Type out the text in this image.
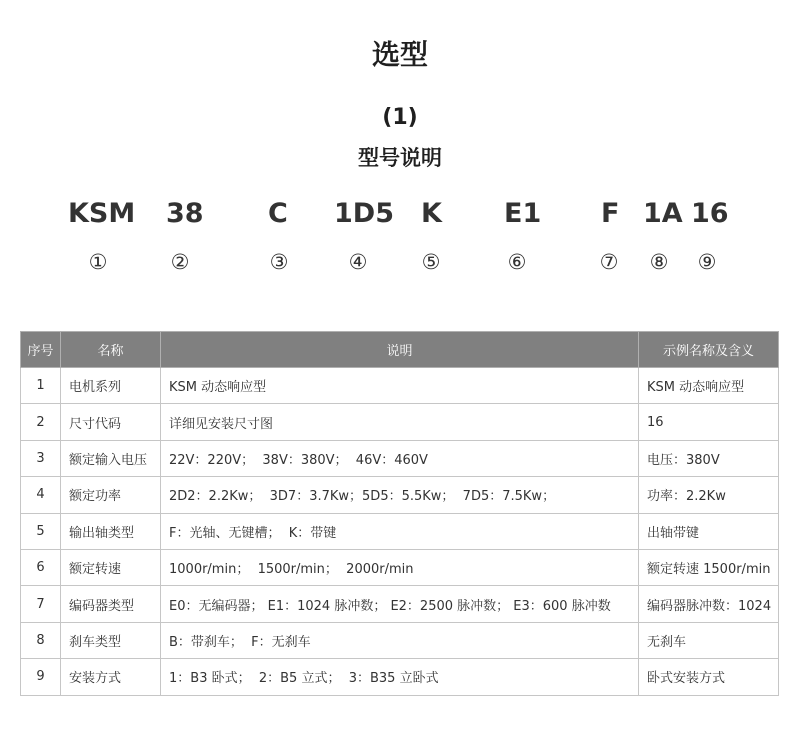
选型
(1)
型号说明
KSM 38 C 1D5 K E1 F 1A 16
①	②	③	④	⑤	⑥	⑦ ⑧ ⑨
序号	名称	说明	示例名称及含义
1	电机系列	KSM 动态响应型	KSM 动态响应型
2	尺寸代码	详细见安装尺寸图	16
3	额定输入电压	22V：220V；  38V：380V；  46V：460V	电压：380V
4	额定功率	2D2：2.2Kw；  3D7：3.7Kw；5D5：5.5Kw；  7D5：7.5Kw；	功率：2.2Kw
5	输出轴类型	F：光轴、无键槽；  K：带键	出轴带键
6	额定转速	1000r/min；  1500r/min；  2000r/min	额定转速 1500r/min
7	编码器类型	E0：无编码器； E1：1024 脉冲数； E2：2500 脉冲数； E3：600 脉冲数	编码器脉冲数：1024
8	刹车类型	B：带刹车；  F：无刹车	无刹车
9	安装方式	1：B3 卧式；  2：B5 立式；  3：B35 立卧式	卧式安装方式
